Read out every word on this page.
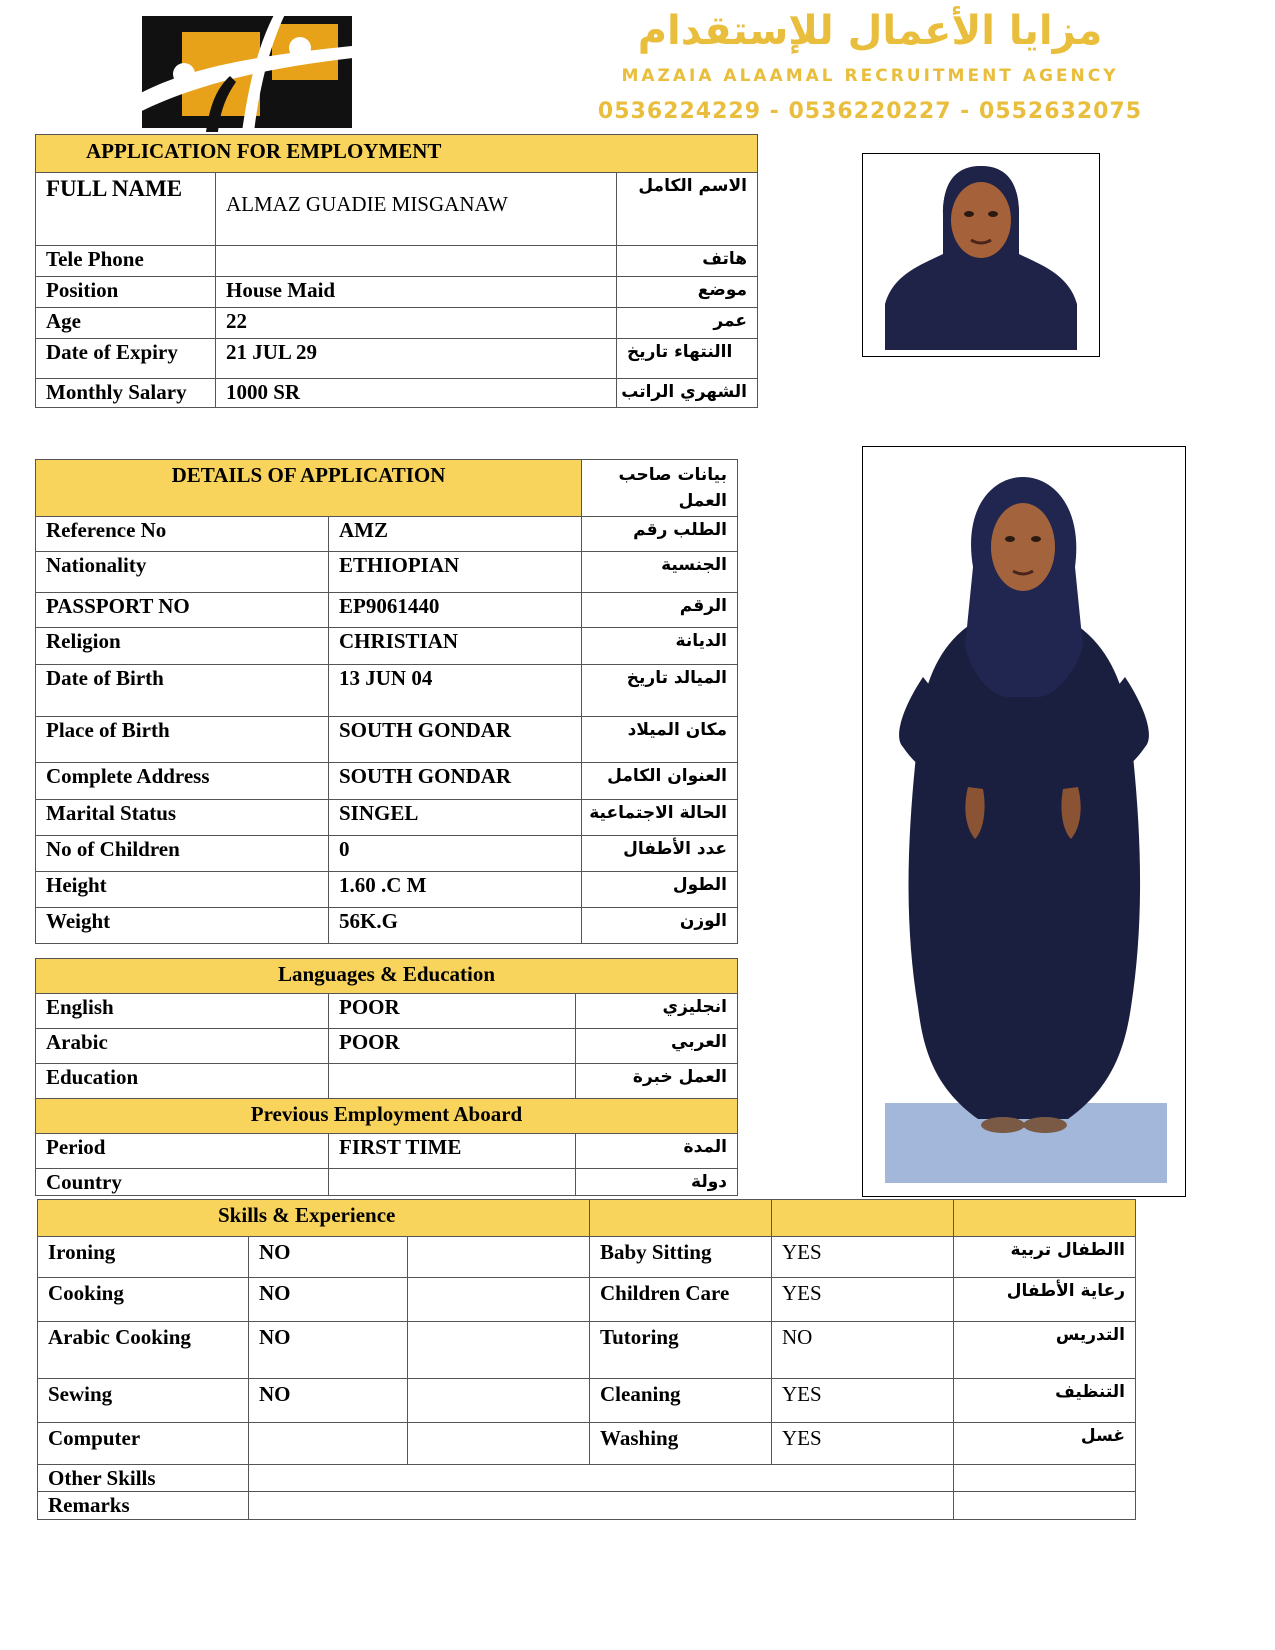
مزايا الأعمال للإستقدام
MAZAIA ALAAMAL RECRUITMENT AGENCY
0536224229 - 0536220227 - 0552632075
APPLICATION FOR EMPLOYMENT		
FULL NAME	ALMAZ GUADIE MISGANAW	الاسم الكامل
Tele Phone		هاتف
Position	House Maid	موضع
Age	22	عمر
Date of Expiry	21 JUL 29	االنتهاء تاريخ
Monthly Salary	1000 SR	الشهري الراتب
DETAILS OF APPLICATION		بيانات صاحب العمل
Reference No	AMZ	الطلب رقم
Nationality	ETHIOPIAN	الجنسية
PASSPORT NO	EP9061440	الرقم
Religion	CHRISTIAN	الديانة
Date of Birth	13 JUN 04	الميالد تاريخ
Place of Birth	SOUTH GONDAR	مكان الميلاد
Complete Address	SOUTH GONDAR	العنوان الكامل
Marital Status	SINGEL	الحالة الاجتماعية
No of Children	0	عدد الأطفال
Height	1.60 .C M	الطول
Weight	56K.G	الوزن
Languages & Education		
English	POOR	انجليزي
Arabic	POOR	العربي
Education		العمل خبرة
Previous Employment Aboard		
Period	FIRST TIME	المدة
Country		دولة
Skills & Experience					
Ironing	NO		Baby Sitting	YES	االطفال تربية
Cooking	NO		Children Care	YES	رعاية الأطفال
Arabic Cooking	NO		Tutoring	NO	التدريس
Sewing	NO		Cleaning	YES	التنظيف
Computer			Washing	YES	غسل
Other Skills					
Remarks					
